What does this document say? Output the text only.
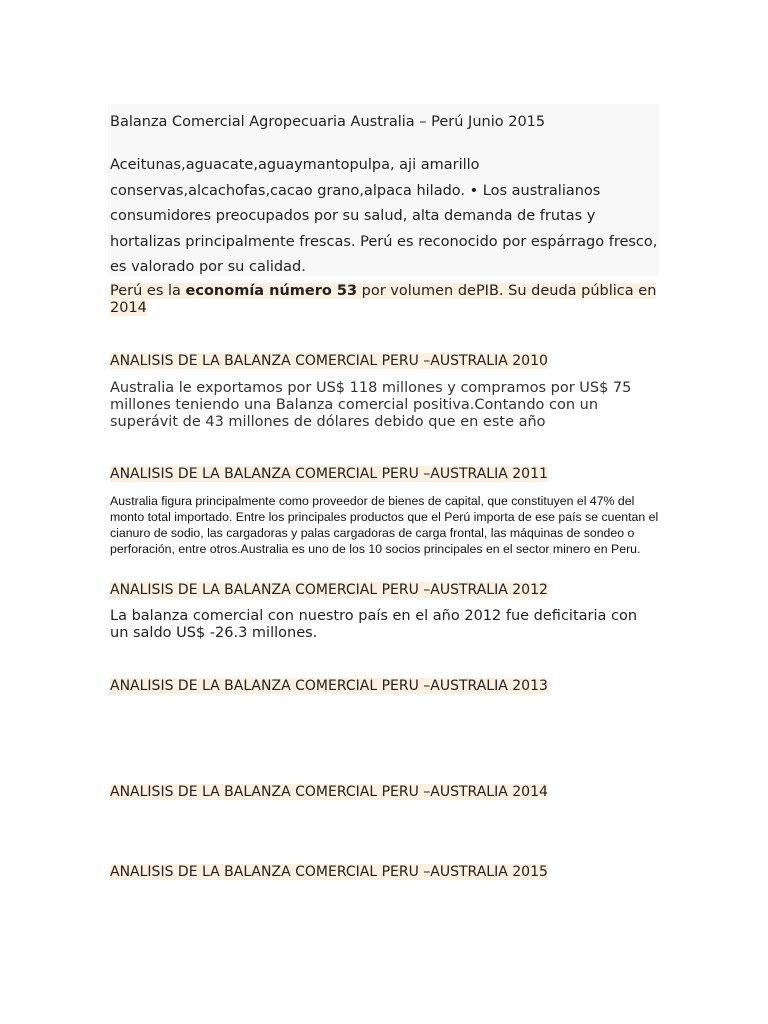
Balanza Comercial Agropecuaria Australia – Perú Junio 2015
Aceitunas,aguacate,aguaymantopulpa, aji amarillo conservas,alcachofas,cacao grano,alpaca hilado. • Los australianos consumidores preocupados por su salud, alta demanda de frutas y hortalizas principalmente frescas. Perú es reconocido por espárrago fresco, es valorado por su calidad.
Perú es la economía número 53 por volumen dePIB. Su deuda pública en 2014
ANALISIS DE LA BALANZA COMERCIAL PERU –AUSTRALIA 2010
Australia le exportamos por US$ 118 millones y compramos por US$ 75 millones teniendo una Balanza comercial positiva.Contando con un superávit de 43 millones de dólares debido que en este año
ANALISIS DE LA BALANZA COMERCIAL PERU –AUSTRALIA 2011
Australia figura principalmente como proveedor de bienes de capital, que constituyen el 47% del monto total importado. Entre los principales productos que el Perú importa de ese país se cuentan el cianuro de sodio, las cargadoras y palas cargadoras de carga frontal, las máquinas de sondeo o perforación, entre otros.Australia es uno de los 10 socios principales en el sector minero en Peru.
ANALISIS DE LA BALANZA COMERCIAL PERU –AUSTRALIA 2012
La balanza comercial con nuestro país en el año 2012 fue deficitaria con un saldo US$ -26.3 millones.
ANALISIS DE LA BALANZA COMERCIAL PERU –AUSTRALIA 2013
ANALISIS DE LA BALANZA COMERCIAL PERU –AUSTRALIA 2014
ANALISIS DE LA BALANZA COMERCIAL PERU –AUSTRALIA 2015
